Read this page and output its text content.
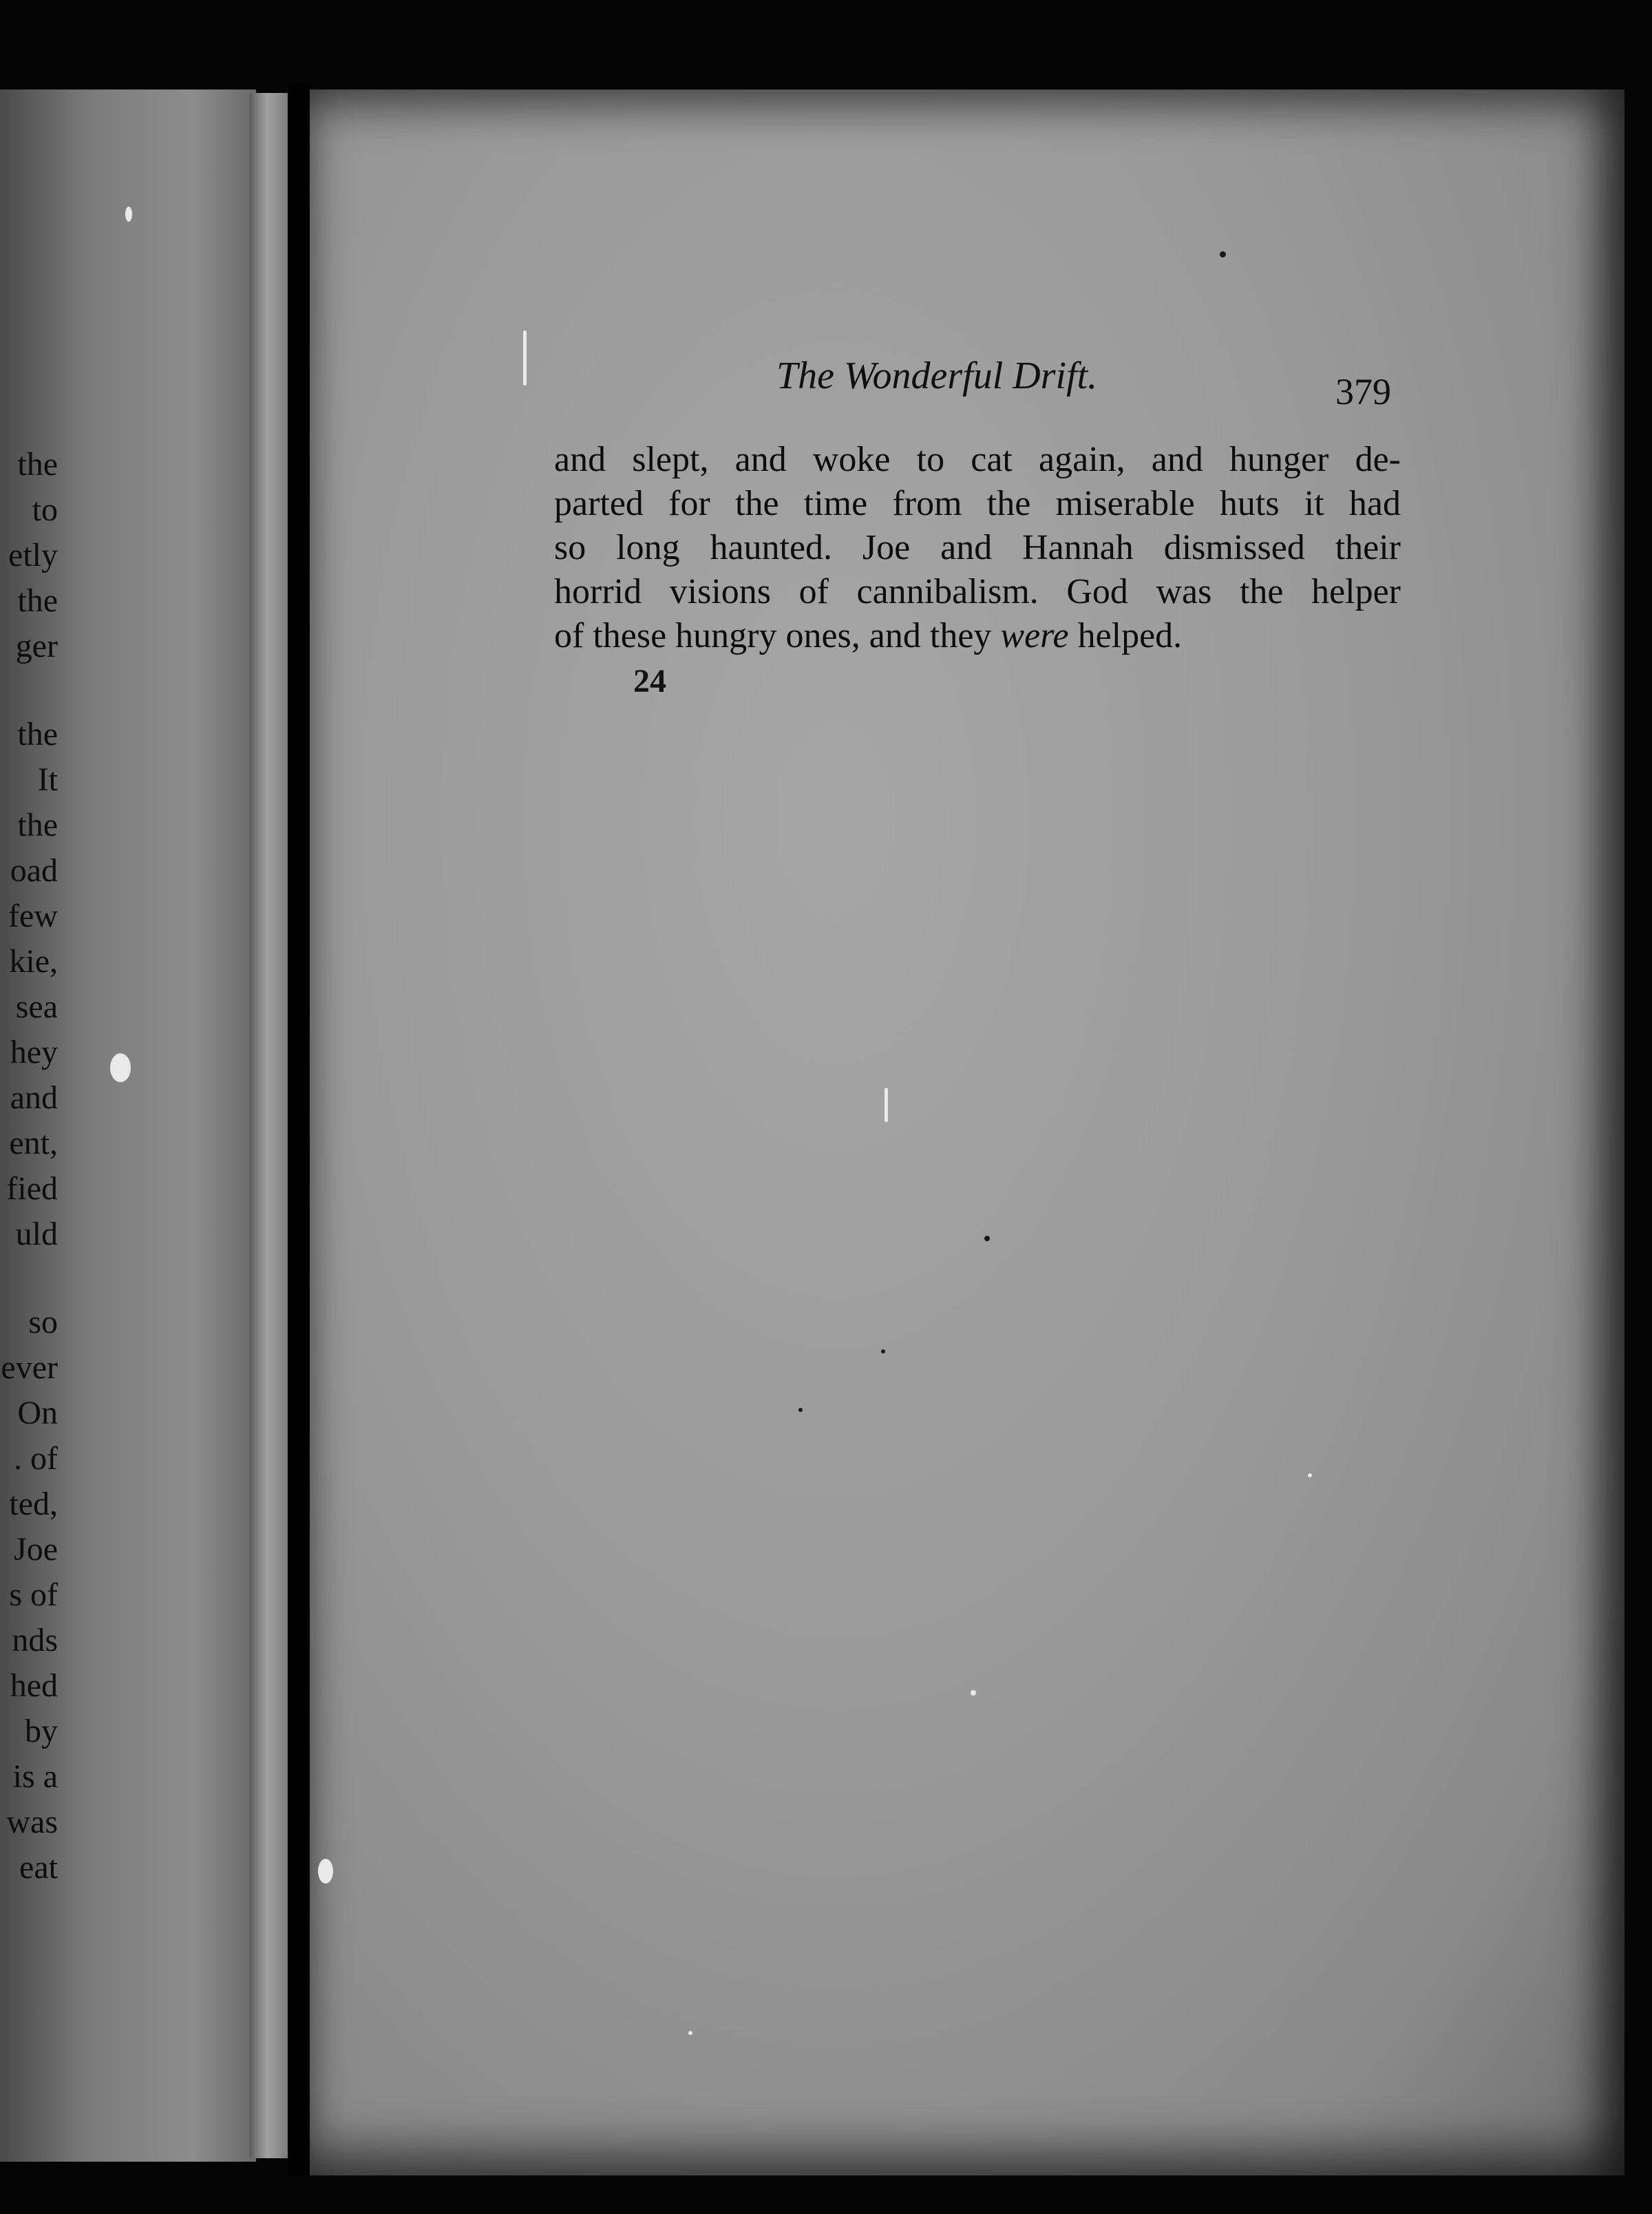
the
to
etly
the
ger
the
It
the
oad
few
kie,
sea
hey
and
ent,
fied
uld
so
ever
On
. of
ted,
Joe
s of
nds
hed
by
is a
was
eat
The Wonderful Drift.	379
and slept, and woke to cat again, and hunger de-
parted for the time from the miserable huts it had
so long haunted. Joe and Hannah dismissed their
horrid visions of cannibalism. God was the helper
of these hungry ones, and they were helped.
24
